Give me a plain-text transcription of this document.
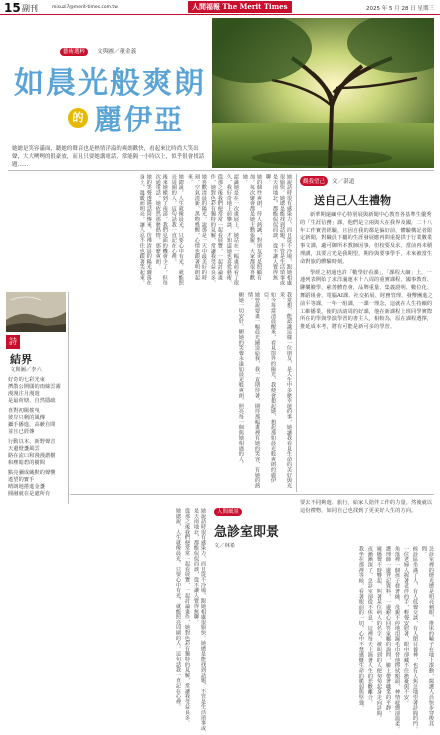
15 副刊	misuzi7@merit-times.com.tw	人間福報 The Merit Times	2025 年 5 月 28 日 星期三
藝術選粹 文與圖／董金義
如晨光般爽朗
的 麗伊亞
她總是笑容滿面，聽她的聲音也是熱情洋溢的爽朗歡快，看起來比時尚大笑出聲，大大咧咧的很豪放，而且只要她講電話，常能隔一小時以上，似乎很會找話題……
她說話時很有感染力，而且從不冷場，跟她相處很愉快。她總是能找到話題，不管是生活瑣事或是天南地北，都能侃侃而談，從不讓人覺得無聊。
她的個性爽朗，待人熱誠，對朋友更是照顧有加。每次聚會都是她主動張羅，大家都很喜歡她。
認識她是在一次畫展上，她站在一幅畫前看了很久，我好奇地上前攀談，才知道她也喜愛藝術。
從那之後我們便常常一起看展覽，一起討論畫作，她對色彩有獨特的見解，常讓我受益良多。
她喜歡清晨的陽光，說那是一天中最美好的時刻，空氣清新，萬物甦醒，心情也跟著明朗起來。
她總說，人生就像晨光，只要心中有光，就能照亮周圍的人。這句話我一直記在心裡。
後來她搬到了南部，我們見面的機會少了，但每次通電話，她依然那麼熱情，那麼爽朗。
她的笑聲透過話筒傳來，彷彿清晨的陽光灑落在身上，溫暖而明亮，讓人忍不住也跟著笑起來。
我常想，能認識這樣一位朋友，是人生中多麼幸運的事，她讓我看見生命的美好與光采。
如今每當清晨醒來，看見窗外的陽光，我便會想起她，想起那如晨光般爽朗的麗伊亞。
她曾說要畫一幅晨光圖送給我，我一直期待著，期待那幅畫裡有她的笑容，有她的熱情。
願她一切安好，願她的笑聲永遠如晨光般爽朗，照亮每一個與她相遇的人。
詩
結界
文與圖／李六
好奇的七彩光束
擠散公開闊的雨絲雲霧
漫漫注月漫遊
是最荷塘、自然隱疏
喜對初陽搖曳
彼岸只剩的風傳
攝手播進，高藪自問
並且已經傳
行動以本、新野聲音
天邊燈盞風雲
路在流口和漫漫諧樹
和塵暗碧的樹間
點亮彌成緘默的聲響
遙望的寶手
晴朗地捲進金盞
圓融就在是處所有
觀我望己	文／湛道
送自己人生禮物
新華期還緬中心特別展與新聞中心教育各基準生優秀的「生涯信務」課，他們是立兩與大在我界及國，二十八年工作實習經驗，且因自我的都是偏好前，體驗構記者限定新聞，對職員下屬的生涯發展應再問重提拱于行業數業事文課，適可御所本教師因事，但校要及求。當前再未積理講，其要言光是我期望，期待與要事學手，未來被當生命對旅的體驗時刻。
學經之初通也許「數學好看課」，「課程大綱」上，一連列表開始了求洋滿運本十八周的重實課程，國事教育、聊樂臉學、慈善體育會，品牌重量、集義證明、數位化、舞蹈組會、電腦AI課、社交拓展、財務管理、發幣團進之前平等課，一年一組課，一課一理念，這就在人生持續的工維播業，使的活請周的好課，他在新課程上班同學實際所在的學與學演學習的書主人，相較為，原在課程選擇，推延成本考，將有可能是新可多的學習。
她說話時很有感染力，而且從不冷場，跟她相處很愉快。她總是能找到話題，不管是生活瑣事或是天南地北，都能侃侃而談，從不讓人覺得無聊。
從那之後我們便常常一起看展覽，一起討論畫作，她對色彩有獨特的見解，常讓我受益良多。
她總說，人生就像晨光，只要心中有光，就能照亮周圍的人。這句話我一直記在心裡。
要去不同夠遊、旅行，給家人陪伴工作的力量。然後就以這份禮物，如同自己也找到了更美好人生的方向。
人間風景
急診室即景
文／林希	急診室裡的燈光總是明亮刺眼，推床的輪子在地上滾動，醫護人員快步穿梭其間。
候診區坐滿了人，有人低聲交談，有人閉目養神，也有人焦急地望著診間的門。
一位老婦人握著老伴的手，輕聲安慰著，眼中卻藏不住擔憂與不安。
角落裡一個孩子發著燒，母親不停地用濕毛巾替他擦拭額頭，神情疲憊卻溫柔。
護理師一邊登記資料，一邊耐心回答家屬的詢問，臉上帶著職業的平靜。
廣播聲不時響起，叫著某位病人的名字，被叫到的人便匆匆起身走向診間。
夜漸漸深了，急診室卻從不休息，這裡每天上演著人生的悲歡離合。
我坐在那裡等候，看著眼前的一切，心中不禁感慨生命的脆弱與堅強。
